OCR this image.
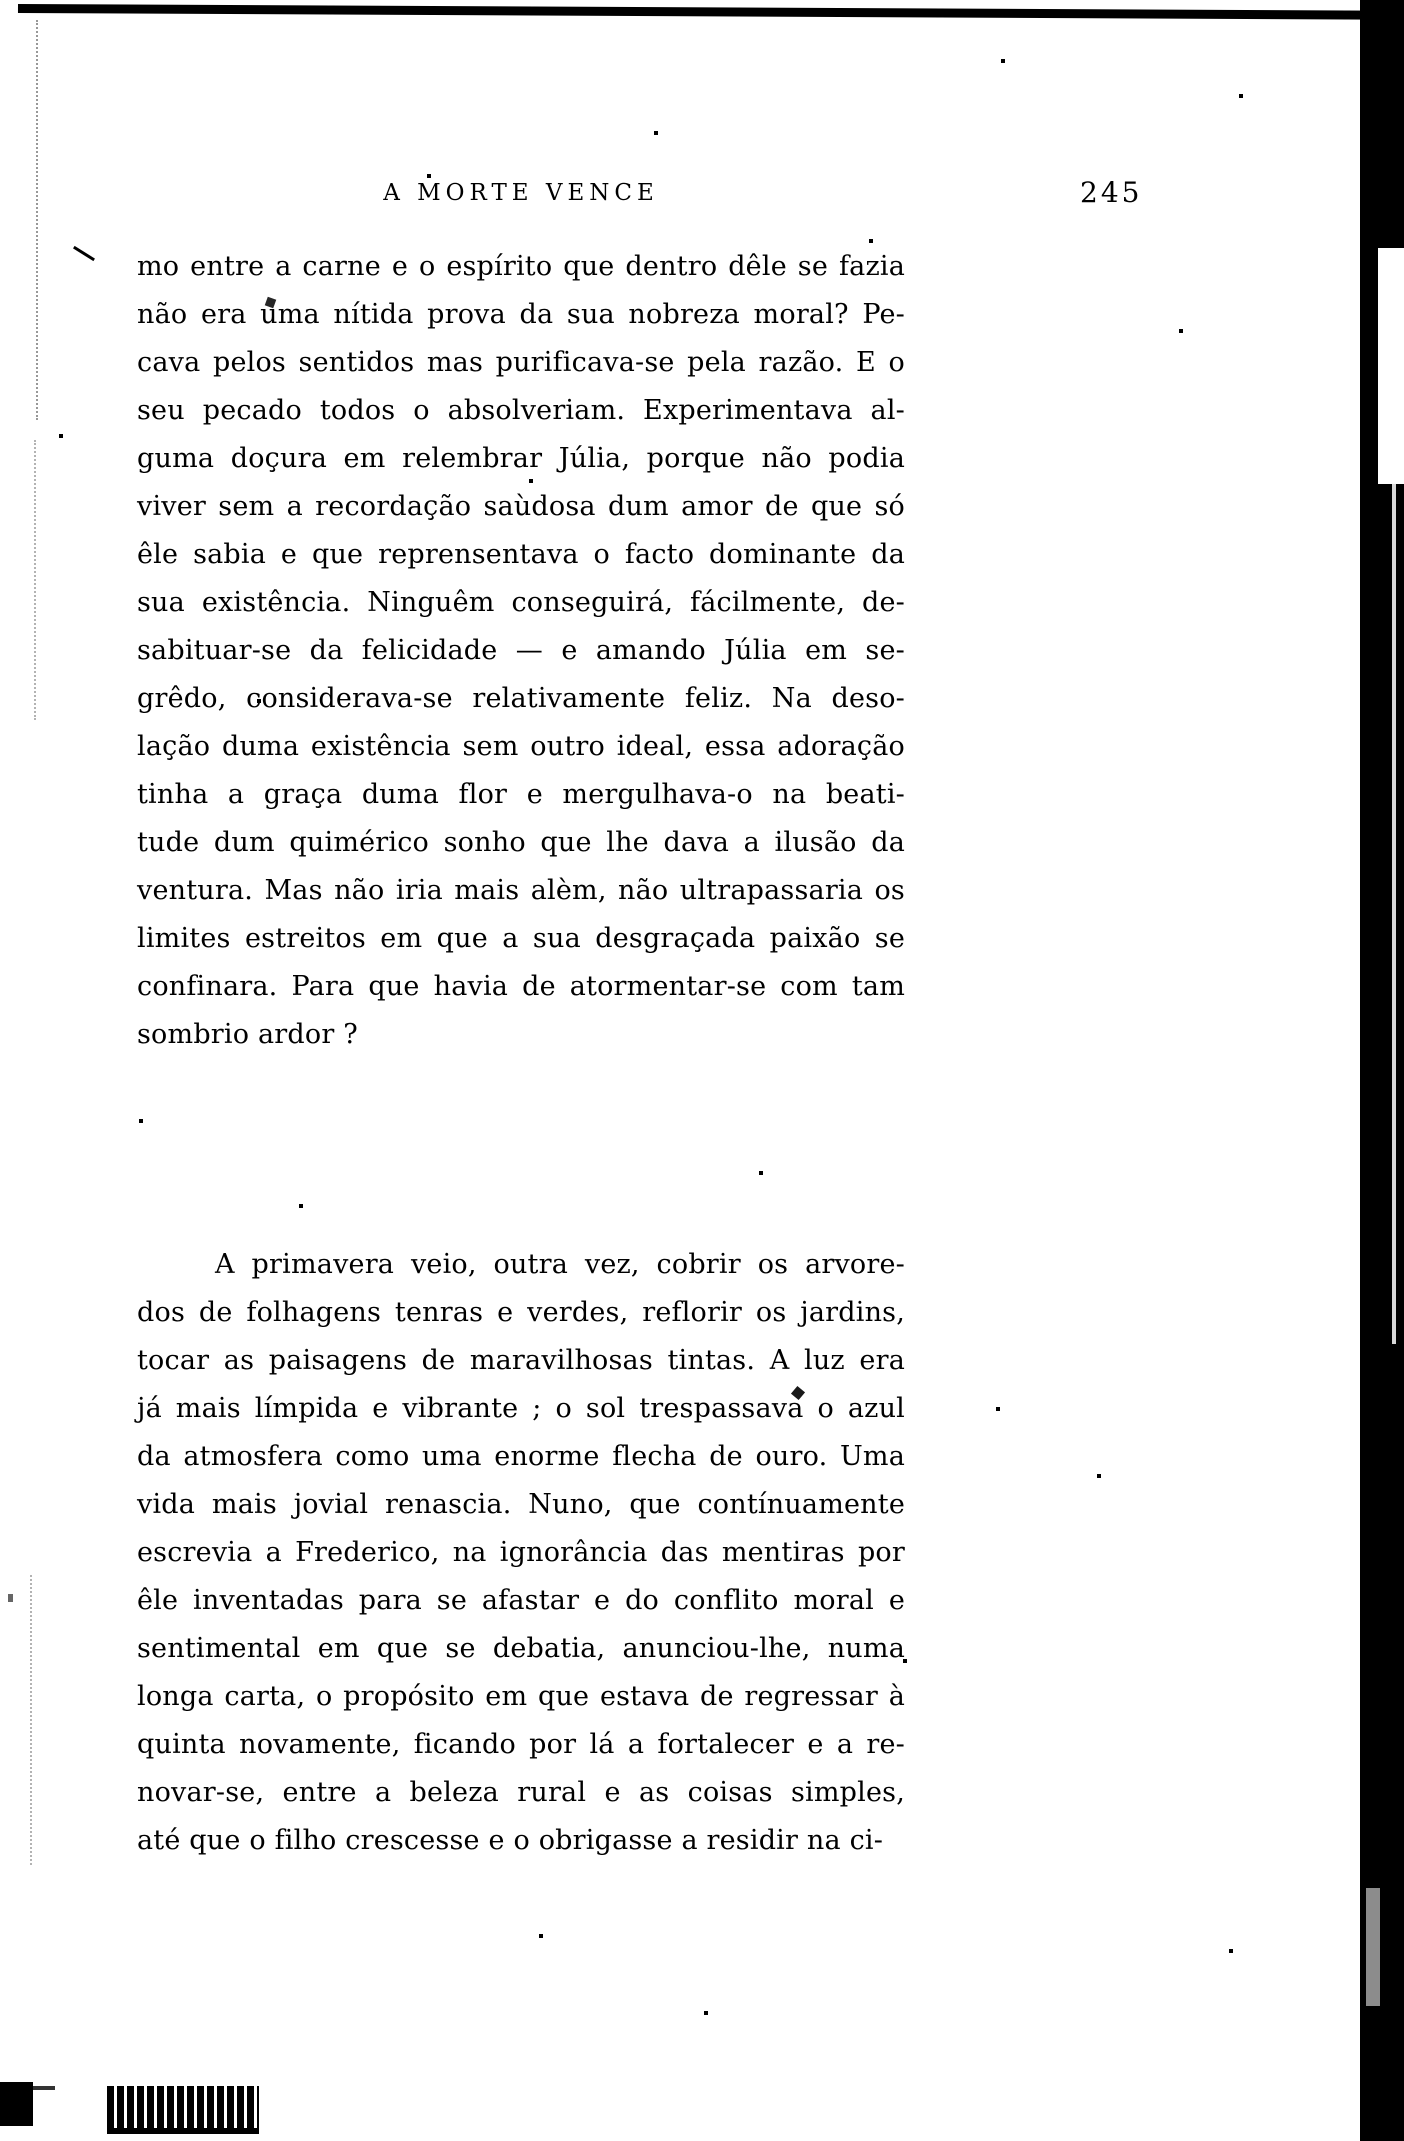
A MORTE VENCE	245
mo entre a carne e o espírito que dentro dêle se fazia
não era uma nítida prova da sua nobreza moral? Pe-
cava pelos sentidos mas purificava-se pela razão. E o
seu pecado todos o absolveriam. Experimentava al-
guma doçura em relembrar Júlia, porque não podia
viver sem a recordação saùdosa dum amor de que só
êle sabia e que reprensentava o facto dominante da
sua existência. Ninguêm conseguirá, fácilmente, de-
sabituar-se da felicidade — e amando Júlia em se-
grêdo, considerava-se relativamente feliz. Na deso-
lação duma existência sem outro ideal, essa adoração
tinha a graça duma flor e mergulhava-o na beati-
tude dum quimérico sonho que lhe dava a ilusão da
ventura. Mas não iria mais alèm, não ultrapassaria os
limites estreitos em que a sua desgraçada paixão se
confinara. Para que havia de atormentar-se com tam
sombrio ardor ?
A primavera veio, outra vez, cobrir os arvore-
dos de folhagens tenras e verdes, reflorir os jardins,
tocar as paisagens de maravilhosas tintas. A luz era
já mais límpida e vibrante ; o sol trespassava o azul
da atmosfera como uma enorme flecha de ouro. Uma
vida mais jovial renascia. Nuno, que contínuamente
escrevia a Frederico, na ignorância das mentiras por
êle inventadas para se afastar e do conflito moral e
sentimental em que se debatia, anunciou-lhe, numa
longa carta, o propósito em que estava de regressar à
quinta novamente, ficando por lá a fortalecer e a re-
novar-se, entre a beleza rural e as coisas simples,
até que o filho crescesse e o obrigasse a residir na ci-
